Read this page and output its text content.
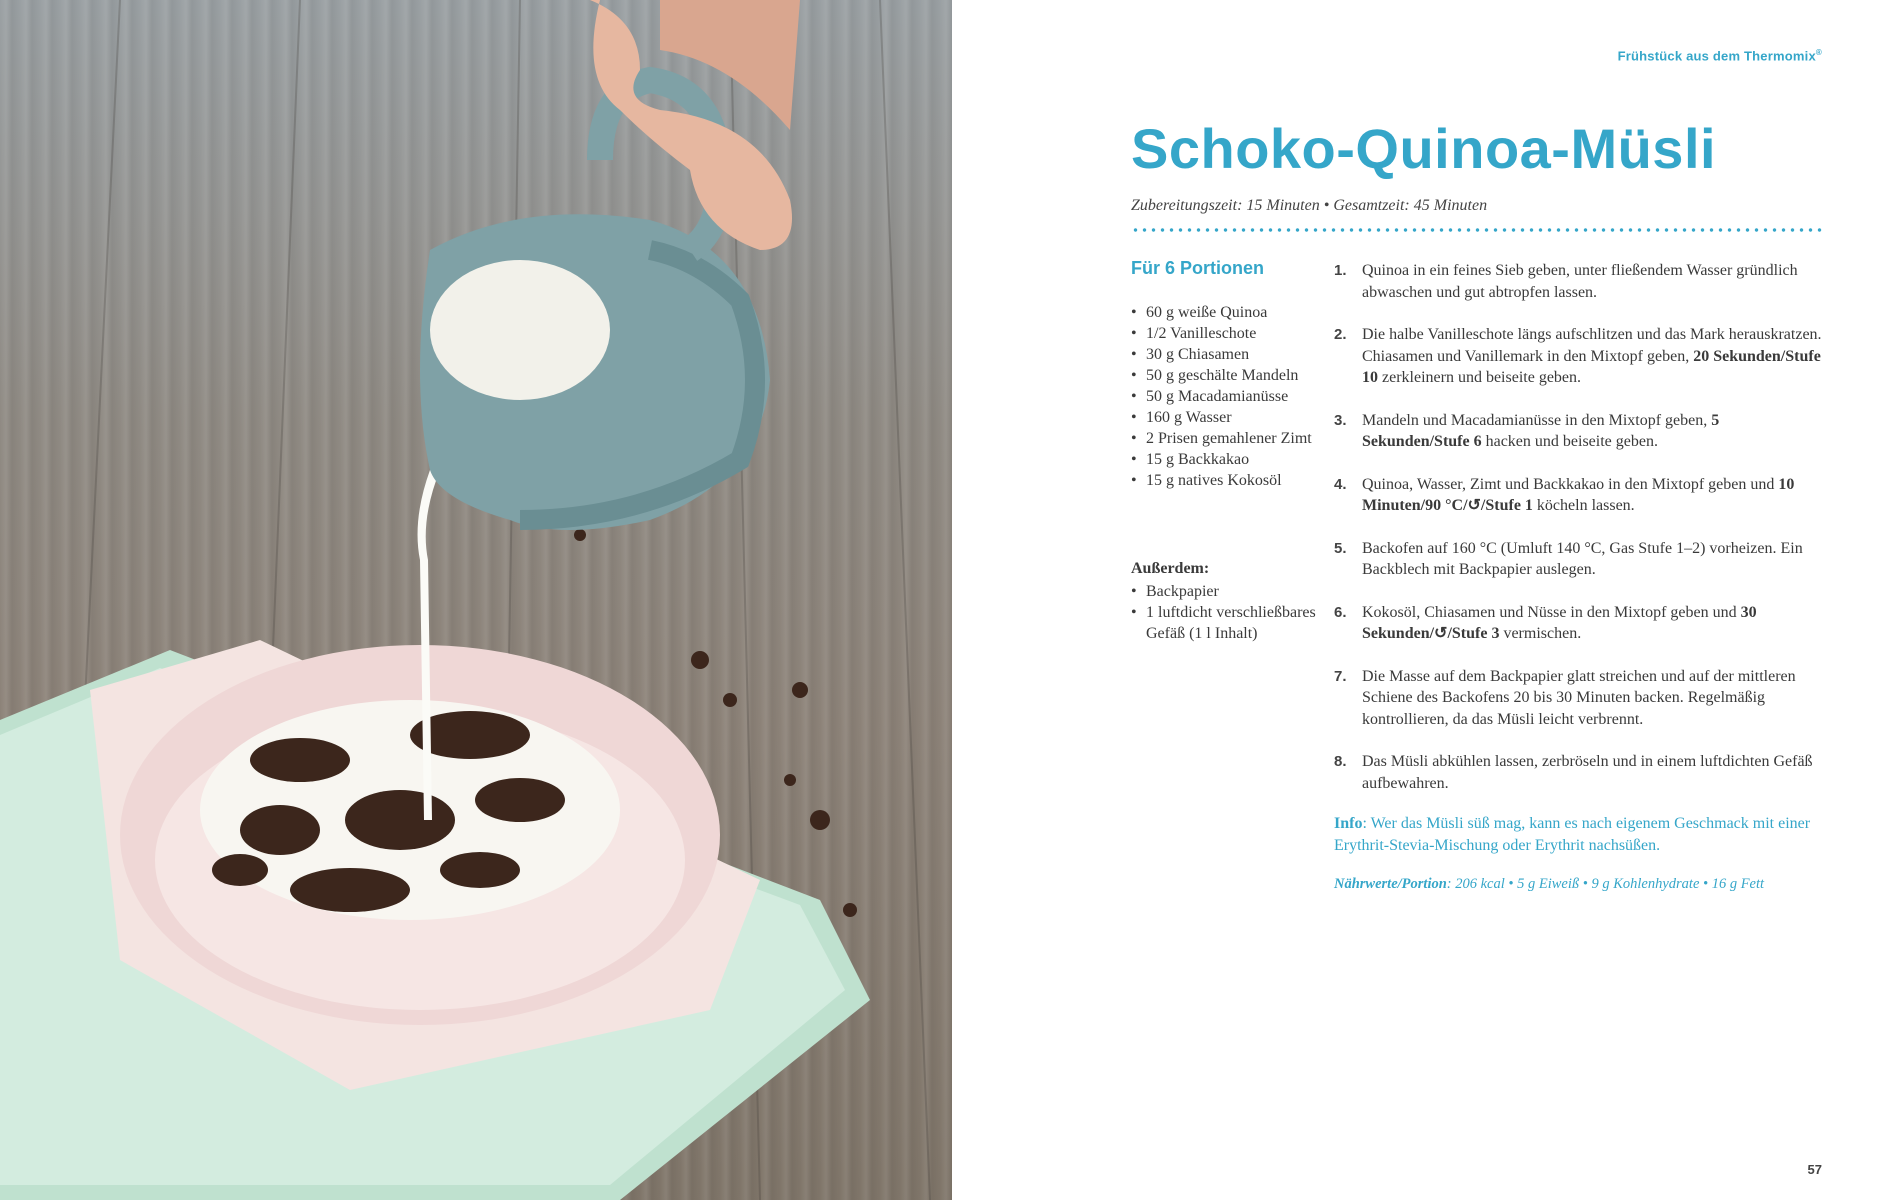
Frühstück aus dem Thermomix®
Schoko-Quinoa-Müsli
Zubereitungszeit: 15 Minuten • Gesamtzeit: 45 Minuten
Für 6 Portionen
• 60 g weiße Quinoa
• 1/2 Vanilleschote
• 30 g Chiasamen
• 50 g geschälte Mandeln
• 50 g Macadamianüsse
• 160 g Wasser
• 2 Prisen gemahlener Zimt
• 15 g Backkakao
• 15 g natives Kokosöl
Außerdem:
• Backpapier
• 1 luftdicht verschließbares Gefäß (1 l Inhalt)
1. Quinoa in ein feines Sieb geben, unter fließendem Wasser gründlich abwaschen und gut abtropfen lassen.
2. Die halbe Vanilleschote längs aufschlitzen und das Mark herauskratzen. Chiasamen und Vanillemark in den Mixtopf geben, 20 Sekunden/Stufe 10 zerkleinern und beiseite geben.
3. Mandeln und Macadamianüsse in den Mixtopf geben, 5 Sekunden/Stufe 6 hacken und beiseite geben.
4. Quinoa, Wasser, Zimt und Backkakao in den Mixtopf geben und 10 Minuten/90 °C/↺/Stufe 1 köcheln lassen.
5. Backofen auf 160 °C (Umluft 140 °C, Gas Stufe 1–2) vorheizen. Ein Backblech mit Backpapier auslegen.
6. Kokosöl, Chiasamen und Nüsse in den Mixtopf geben und 30 Sekunden/↺/Stufe 3 vermischen.
7. Die Masse auf dem Backpapier glatt streichen und auf der mittleren Schiene des Backofens 20 bis 30 Minuten backen. Regelmäßig kontrollieren, da das Müsli leicht verbrennt.
8. Das Müsli abkühlen lassen, zerbröseln und in einem luftdichten Gefäß aufbewahren.

Info: Wer das Müsli süß mag, kann es nach eigenem Geschmack mit einer Erythrit-Stevia-Mischung oder Erythrit nachsüßen.

Nährwerte/Portion: 206 kcal • 5 g Eiweiß • 9 g Kohlenhydrate • 16 g Fett

57
